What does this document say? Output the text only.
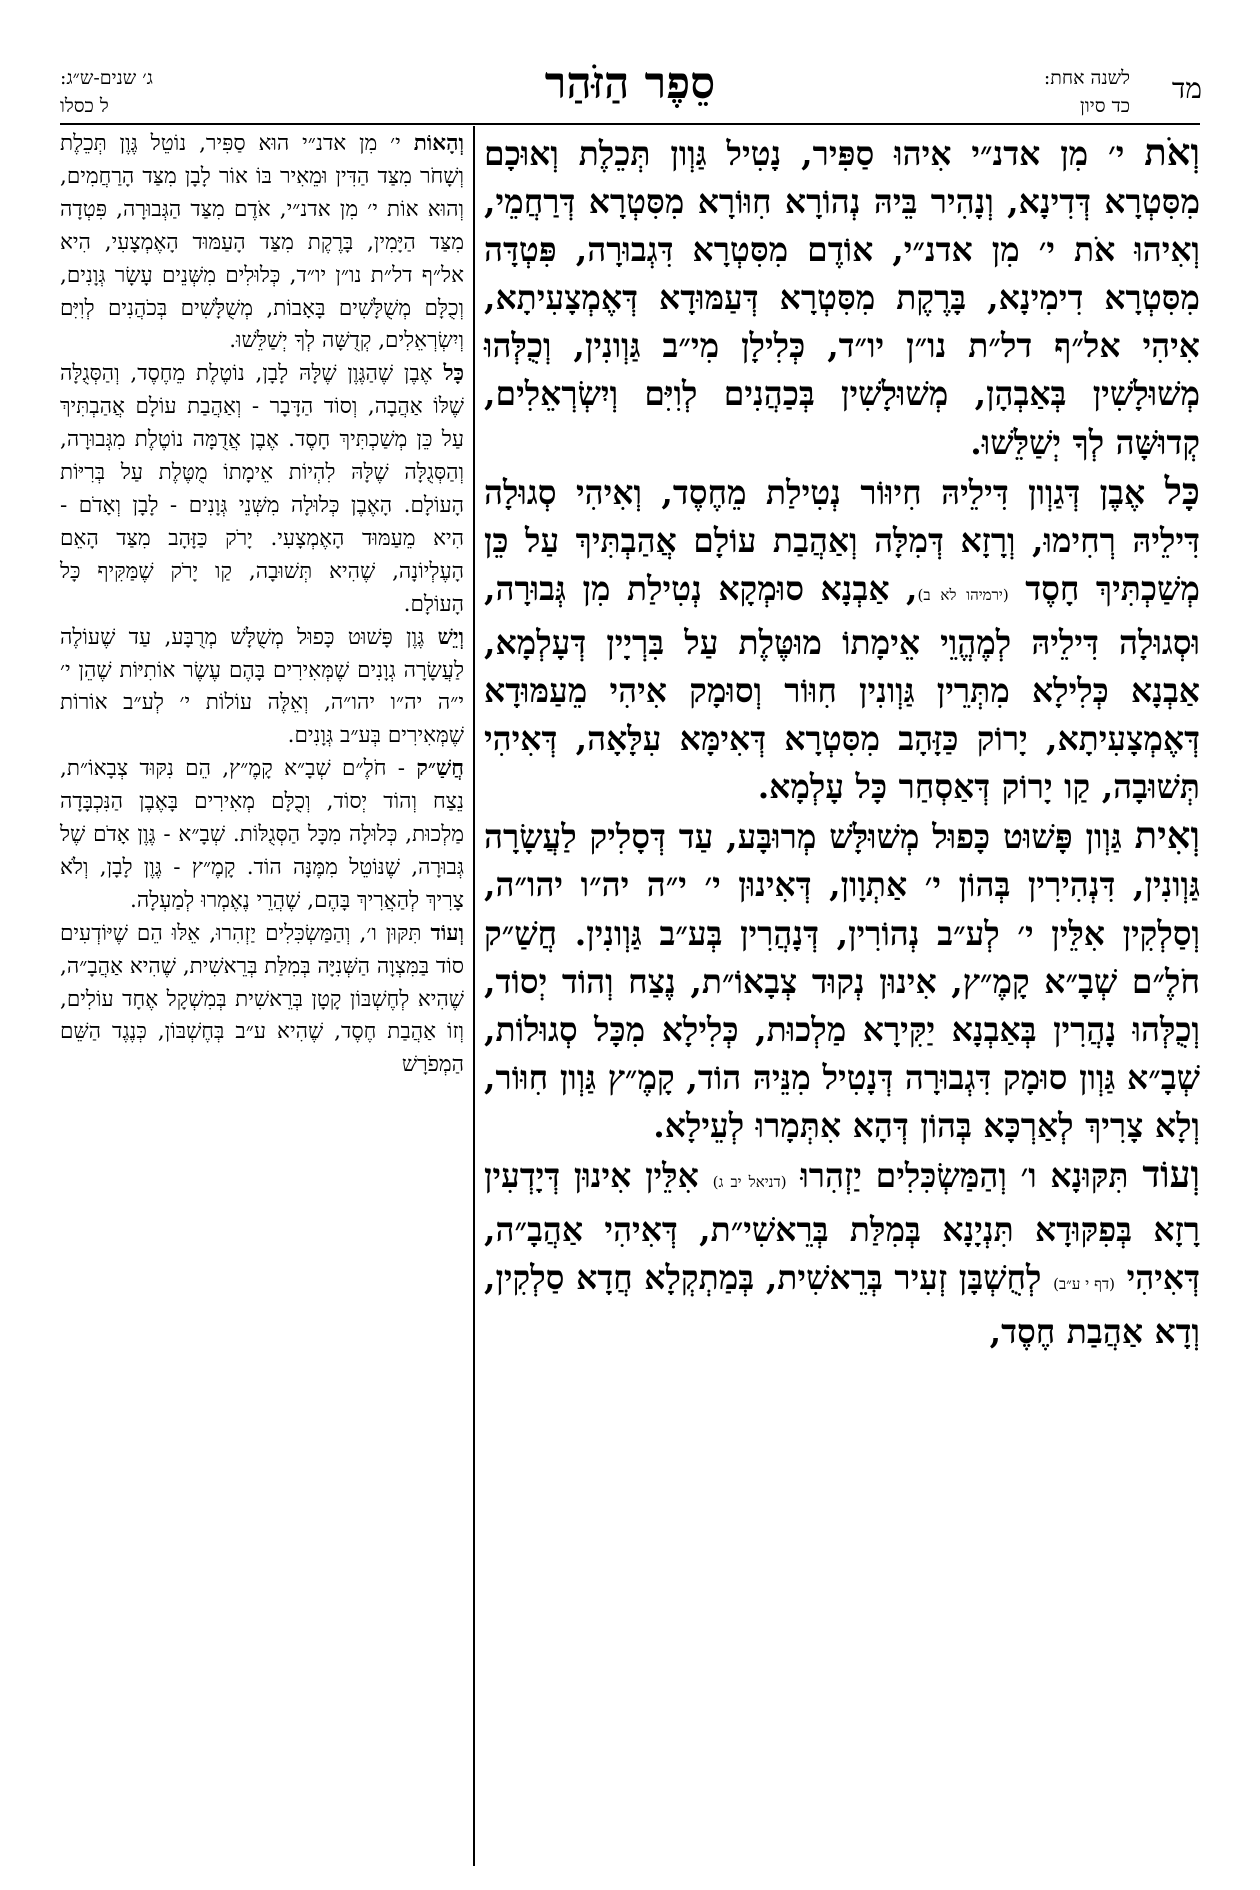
מד
לשנה אחת:
כד סיון
סֵפֶר הַזֹּהַר
ג׳ שנים-ש״ג:
ל כסלו

וְאֹת י׳ מִן אדנ״י אִיהוּ סַפִּיר, נָטִיל גַּוְון תְּכֵלֶת וְאוּכָם מִסִּטְרָא דְּדִינָא, וְנָהִיר בֵּיהּ נְהוֹרָא חִוּוֹרָא מִסִּטְרָא דְּרַחֲמֵי, וְאִיהוּ אֹת י׳ מִן אדנ״י, אוֹדֶם מִסִּטְרָא דִּגְבוּרָה, פִּטְדָּה מִסִּטְרָא דִימִינָא, בָּרֶקֶת מִסִּטְרָא דְּעַמּוּדָא דְּאֶמְצָעִיתָא, אִיהִי אל״ף דל״ת נו״ן יו״ד, כְּלִילָן מִי״ב גַּוְונִין, וְכֻלְּהוּ מְשׁוּלָשִׁין בְּאַבְהָן, מְשׁוּלָשִׁין בְּכַהֲנִים לְוִיִּם וְיִשְׂרְאֵלִים, קְדוּשָּׁה לְךָ יְשַׁלֵּשׁוּ.

כָּל אֶבֶן דְּגַוְון דִּילֵיהּ חִיוּוֹר נְטִילַת מֵחֶסֶד, וְאִיהִי סְגוּלָה דִּילֵיהּ רְחִימוּ, וְרָזָא דְּמִלָּה וְאַהֲבַת עוֹלָם אֲהַבְתִּיךְ עַל כֵּן מְשַׁכְתִּיךְ חָסֶד (ירמיהו לא ב), אַבְנָא סוּמְקָא נְטִילַת מִן גְּבוּרָה, וּסְגוּלָה דִּילֵיהּ לְמֶהֱוֵי אֵימָתוֹ מוּטֶּלֶת עַל בִּרְיָין דְּעָלְמָא, אַבְנָא כְּלִילָא מִתְּרֵין גַּוְונִין חִוּוֹר וְסוּמָק אִיהִי מֵעַמּוּדָא דְּאֶמְצָעִיתָא, יָרוֹק כַּזָּהָב מִסִּטְרָא דְּאִימָּא עִלָּאָה, דְּאִיהִי תְּשׁוּבָה, קַו יָרוֹק דְּאַסְחַר כָּל עָלְמָא.

וְאִית גַּוְון פָּשׁוּט כָּפוּל מְשׁוּלָּשׁ מְרוּבָּע, עַד דְּסָלִיק לַעֲשָׂרָה גַּוְונִין, דִּנְהִירִין בְּהוֹן י׳ אַתְוָון, דְּאִינוּן י׳ י״ה יה״ו יהו״ה, וְסַלְקִין אִלֵּין י׳ לְע״ב נְהוֹרִין, דְּנָהֲרִין בְּע״ב גַּוְונִין. חֲשַׁ״ק חֹלֶ״ם שְׁבָ״א קָמֶ״ץ, אִינוּן נְקוּד צְבָאוֹ״ת, נֶצַח וְהוֹד יְסוֹד, וְכֻלְּהוּ נָהֲרִין בְּאַבְנָא יַקִּירָא מַלְכוּת, כְּלִילָא מִכָּל סְגוּלוֹת, שְׁבָ״א גַּוְון סוּמָק דִּגְבוּרָה דְּנָטִיל מִנֵּיהּ הוֹד, קָמֶ״ץ גַּוְון חִוּוֹר, וְלָא צָרִיךְ לְאַרְכָּא בְּהוֹן דְּהָא אִתְּמָרוּ לְעֵילָא.

וְעוֹד תִּקּוּנָא ו׳ וְהַמַּשְׂכִּלִים יַזְהִרוּ (דניאל יב ג) אִלֵּין אִינוּן דְּיָדְעִין רָזָא בְּפִקּוּדָא תִּנְיָנָא בְּמִלַּת בְּרֵאשִׁי״ת, דְּאִיהִי אַהֲבָ״ה, דְּאִיהִי (דף י ע״ב) לְחֻשְׁבָּן זְעִיר בְּרֵאשִׁית, בְּמַתְקְלָא חֲדָא סַלְקִין, וְדָא אַהֲבַת חֶסֶד,

וְהָאוֹת י׳ מִן אדנ״י הוּא סַפִּיר, נוֹטֵל גֶּוֶן תְּכֵלֶת וְשָׁחֹר מִצַּד הַדִּין וּמֵאִיר בּוֹ אוֹר לָבָן מִצַּד הָרַחֲמִים, וְהוּא אוֹת י׳ מִן אדנ״י, אֹדֶם מִצַּד הַגְּבוּרָה, פִּטְדָה מִצַּד הַיָּמִין, בָּרֶקֶת מִצַּד הָעַמּוּד הָאֶמְצָעִי, הִיא אל״ף דל״ת נו״ן יו״ד, כְּלוּלִים מִשְּׁנֵים עָשָׂר גְּוָנִים, וְכֻלָּם מְשֻׁלָּשִׁים בָּאָבוֹת, מְשֻׁלָּשִׁים בְּכֹהֲנִים לְוִיִּם וְיִשְׂרְאֵלִים, קְדֻשָּׁה לְךָ יְשַׁלֵּשׁוּ.

כָּל אֶבֶן שֶׁהַגֶּוֶן שֶׁלָּהּ לָבָן, נוֹטֶלֶת מֵחֶסֶד, וְהַסְּגֻלָּה שֶׁלּוֹ אַהֲבָה, וְסוֹד הַדָּבָר - וְאַהֲבַת עוֹלָם אֲהַבְתִּיךְ עַל כֵּן מְשַׁכְתִּיךְ חָסֶד. אֶבֶן אֲדֻמָּה נוֹטֶלֶת מִגְּבוּרָה, וְהַסְּגֻלָּה שֶׁלָּהּ לִהְיוֹת אֵימָתוֹ מֻטֶּלֶת עַל בְּרִיּוֹת הָעוֹלָם. הָאֶבֶן כְּלוּלָה מִשְּׁנֵי גְּוָנִים - לָבָן וְאָדֹם - הִיא מֵעַמּוּד הָאֶמְצָעִי. יָרֹק כַּזָּהָב מִצַּד הָאֵם הָעֶלְיוֹנָה, שֶׁהִיא תְּשׁוּבָה, קַו יָרֹק שֶׁמַּקִּיף כָּל הָעוֹלָם.

וְיֵשׁ גֶּוֶן פָּשׁוּט כָּפוּל מְשֻׁלָּשׁ מְרֻבָּע, עַד שֶׁעוֹלֶה לַעֲשָׂרָה גְוָנִים שֶׁמְּאִירִים בָּהֶם עֶשֶׂר אוֹתִיּוֹת שֶׁהֵן י׳ י״ה יה״ו יהו״ה, וְאֵלֶּה עוֹלוֹת י׳ לְע״ב אוֹרוֹת שֶׁמְּאִירִים בְּע״ב גְּוָנִים.

חֲשַׁ״ק - חֹלֶ״ם שְׁבָ״א קָמֶ״ץ, הֵם נִקּוּד צְבָאוֹ״ת, נֵצַח וְהוֹד יְסוֹד, וְכֻלָּם מְאִירִים בָּאֶבֶן הַנִּכְבָּדָה מַלְכוּת, כְּלוּלָה מִכָּל הַסְּגֻלּוֹת. שְׁבָ״א - גֶּוֶן אָדֹם שֶׁל גְּבוּרָה, שֶׁנּוֹטֵל מִמֶּנָּה הוֹד. קָמֶ״ץ - גֶּוֶן לָבָן, וְלֹא צָרִיךְ לְהַאֲרִיךְ בָּהֶם, שֶׁהֲרֵי נֶאֶמְרוּ לְמַעְלָה.

וְעוֹד תִּקּוּן ו׳, וְהַמַּשְׂכִּלִים יַזְהִרוּ, אֵלּוּ הֵם שֶׁיּוֹדְעִים סוֹד בַּמִּצְוָה הַשְּׁנִיָּה בְּמִלַּת בְּרֵאשִׁית, שֶׁהִיא אַהֲבָ״ה, שֶׁהִיא לְחֶשְׁבּוֹן קָטָן בְּרֵאשִׁית בְּמִשְׁקָל אֶחָד עוֹלִים, וְזוֹ אַהֲבַת חֶסֶד, שֶׁהִיא ע״ב בְּחֶשְׁבּוֹן, כְּנֶגֶד הַשֵּׁם הַמְפֹרָשׁ
